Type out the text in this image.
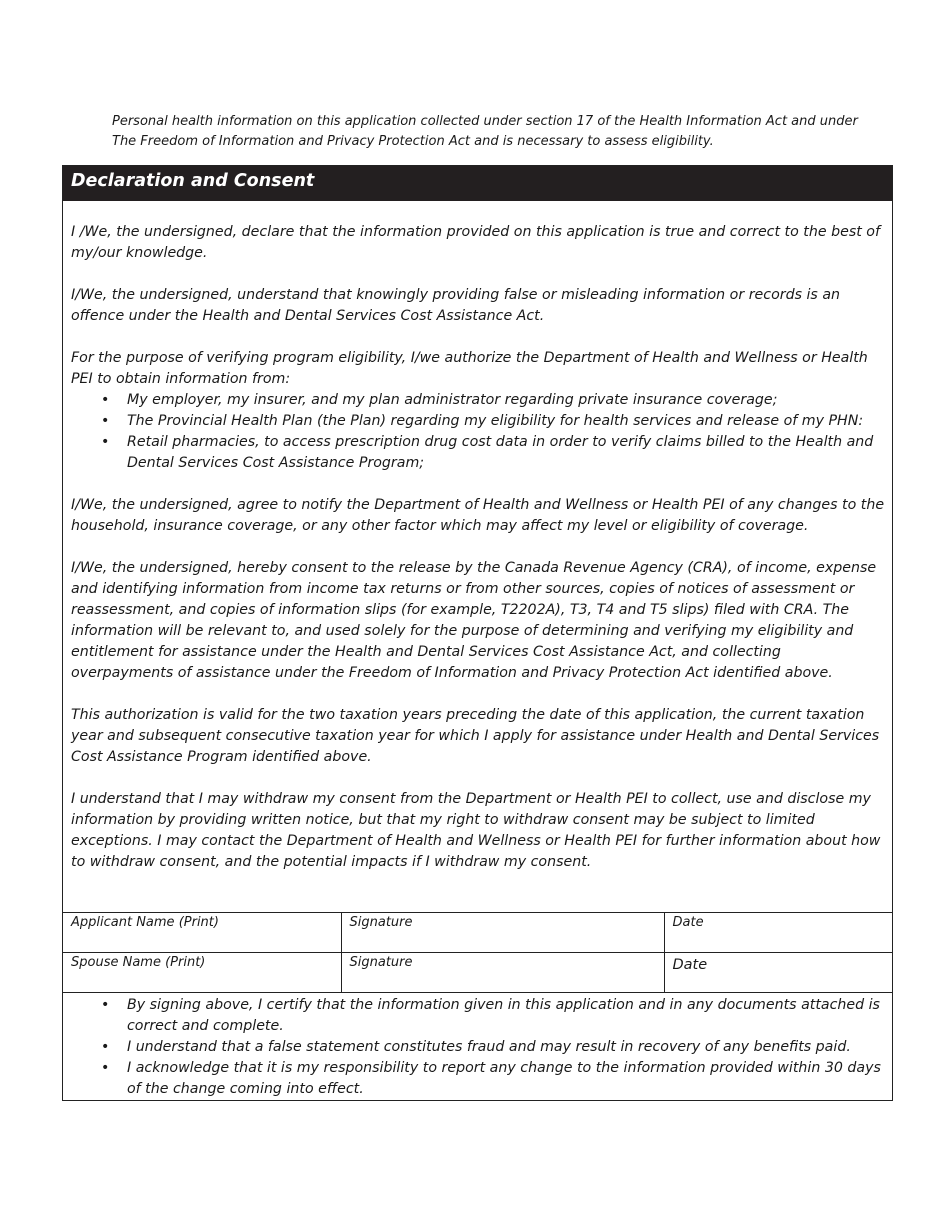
Personal health information on this application collected under section 17 of the Health Information Act and under
The Freedom of Information and Privacy Protection Act and is necessary to assess eligibility.
Declaration and Consent

I /We, the undersigned, declare that the information provided on this application is true and correct to the best of my/our knowledge.

I/We, the undersigned, understand that knowingly providing false or misleading information or records is an offence under the Health and Dental Services Cost Assistance Act.

For the purpose of verifying program eligibility, I/we authorize the Department of Health and Wellness or Health PEI to obtain information from:

• My employer, my insurer, and my plan administrator regarding private insurance coverage;
• The Provincial Health Plan (the Plan) regarding my eligibility for health services and release of my PHN:
• Retail pharmacies, to access prescription drug cost data in order to verify claims billed to the Health and Dental Services Cost Assistance Program;

I/We, the undersigned, agree to notify the Department of Health and Wellness or Health PEI of any changes to the household, insurance coverage, or any other factor which may affect my level or eligibility of coverage.

I/We, the undersigned, hereby consent to the release by the Canada Revenue Agency (CRA), of income, expense and identifying information from income tax returns or from other sources, copies of notices of assessment or reassessment, and copies of information slips (for example, T2202A), T3, T4 and T5 slips) filed with CRA. The information will be relevant to, and used solely for the purpose of determining and verifying my eligibility and entitlement for assistance under the Health and Dental Services Cost Assistance Act, and collecting overpayments of assistance under the Freedom of Information and Privacy Protection Act identified above.

This authorization is valid for the two taxation years preceding the date of this application, the current taxation year and subsequent consecutive taxation year for which I apply for assistance under Health and Dental Services Cost Assistance Program identified above.

I understand that I may withdraw my consent from the Department or Health PEI to collect, use and disclose my information by providing written notice, but that my right to withdraw consent may be subject to limited exceptions. I may contact the Department of Health and Wellness or Health PEI for further information about how to withdraw consent, and the potential impacts if I withdraw my consent.

Applicant Name (Print)	Signature	Date
Spouse Name (Print)	Signature	Date
• By signing above, I certify that the information given in this application and in any documents attached is correct and complete.
• I understand that a false statement constitutes fraud and may result in recovery of any benefits paid.
• I acknowledge that it is my responsibility to report any change to the information provided within 30 days of the change coming into effect.
